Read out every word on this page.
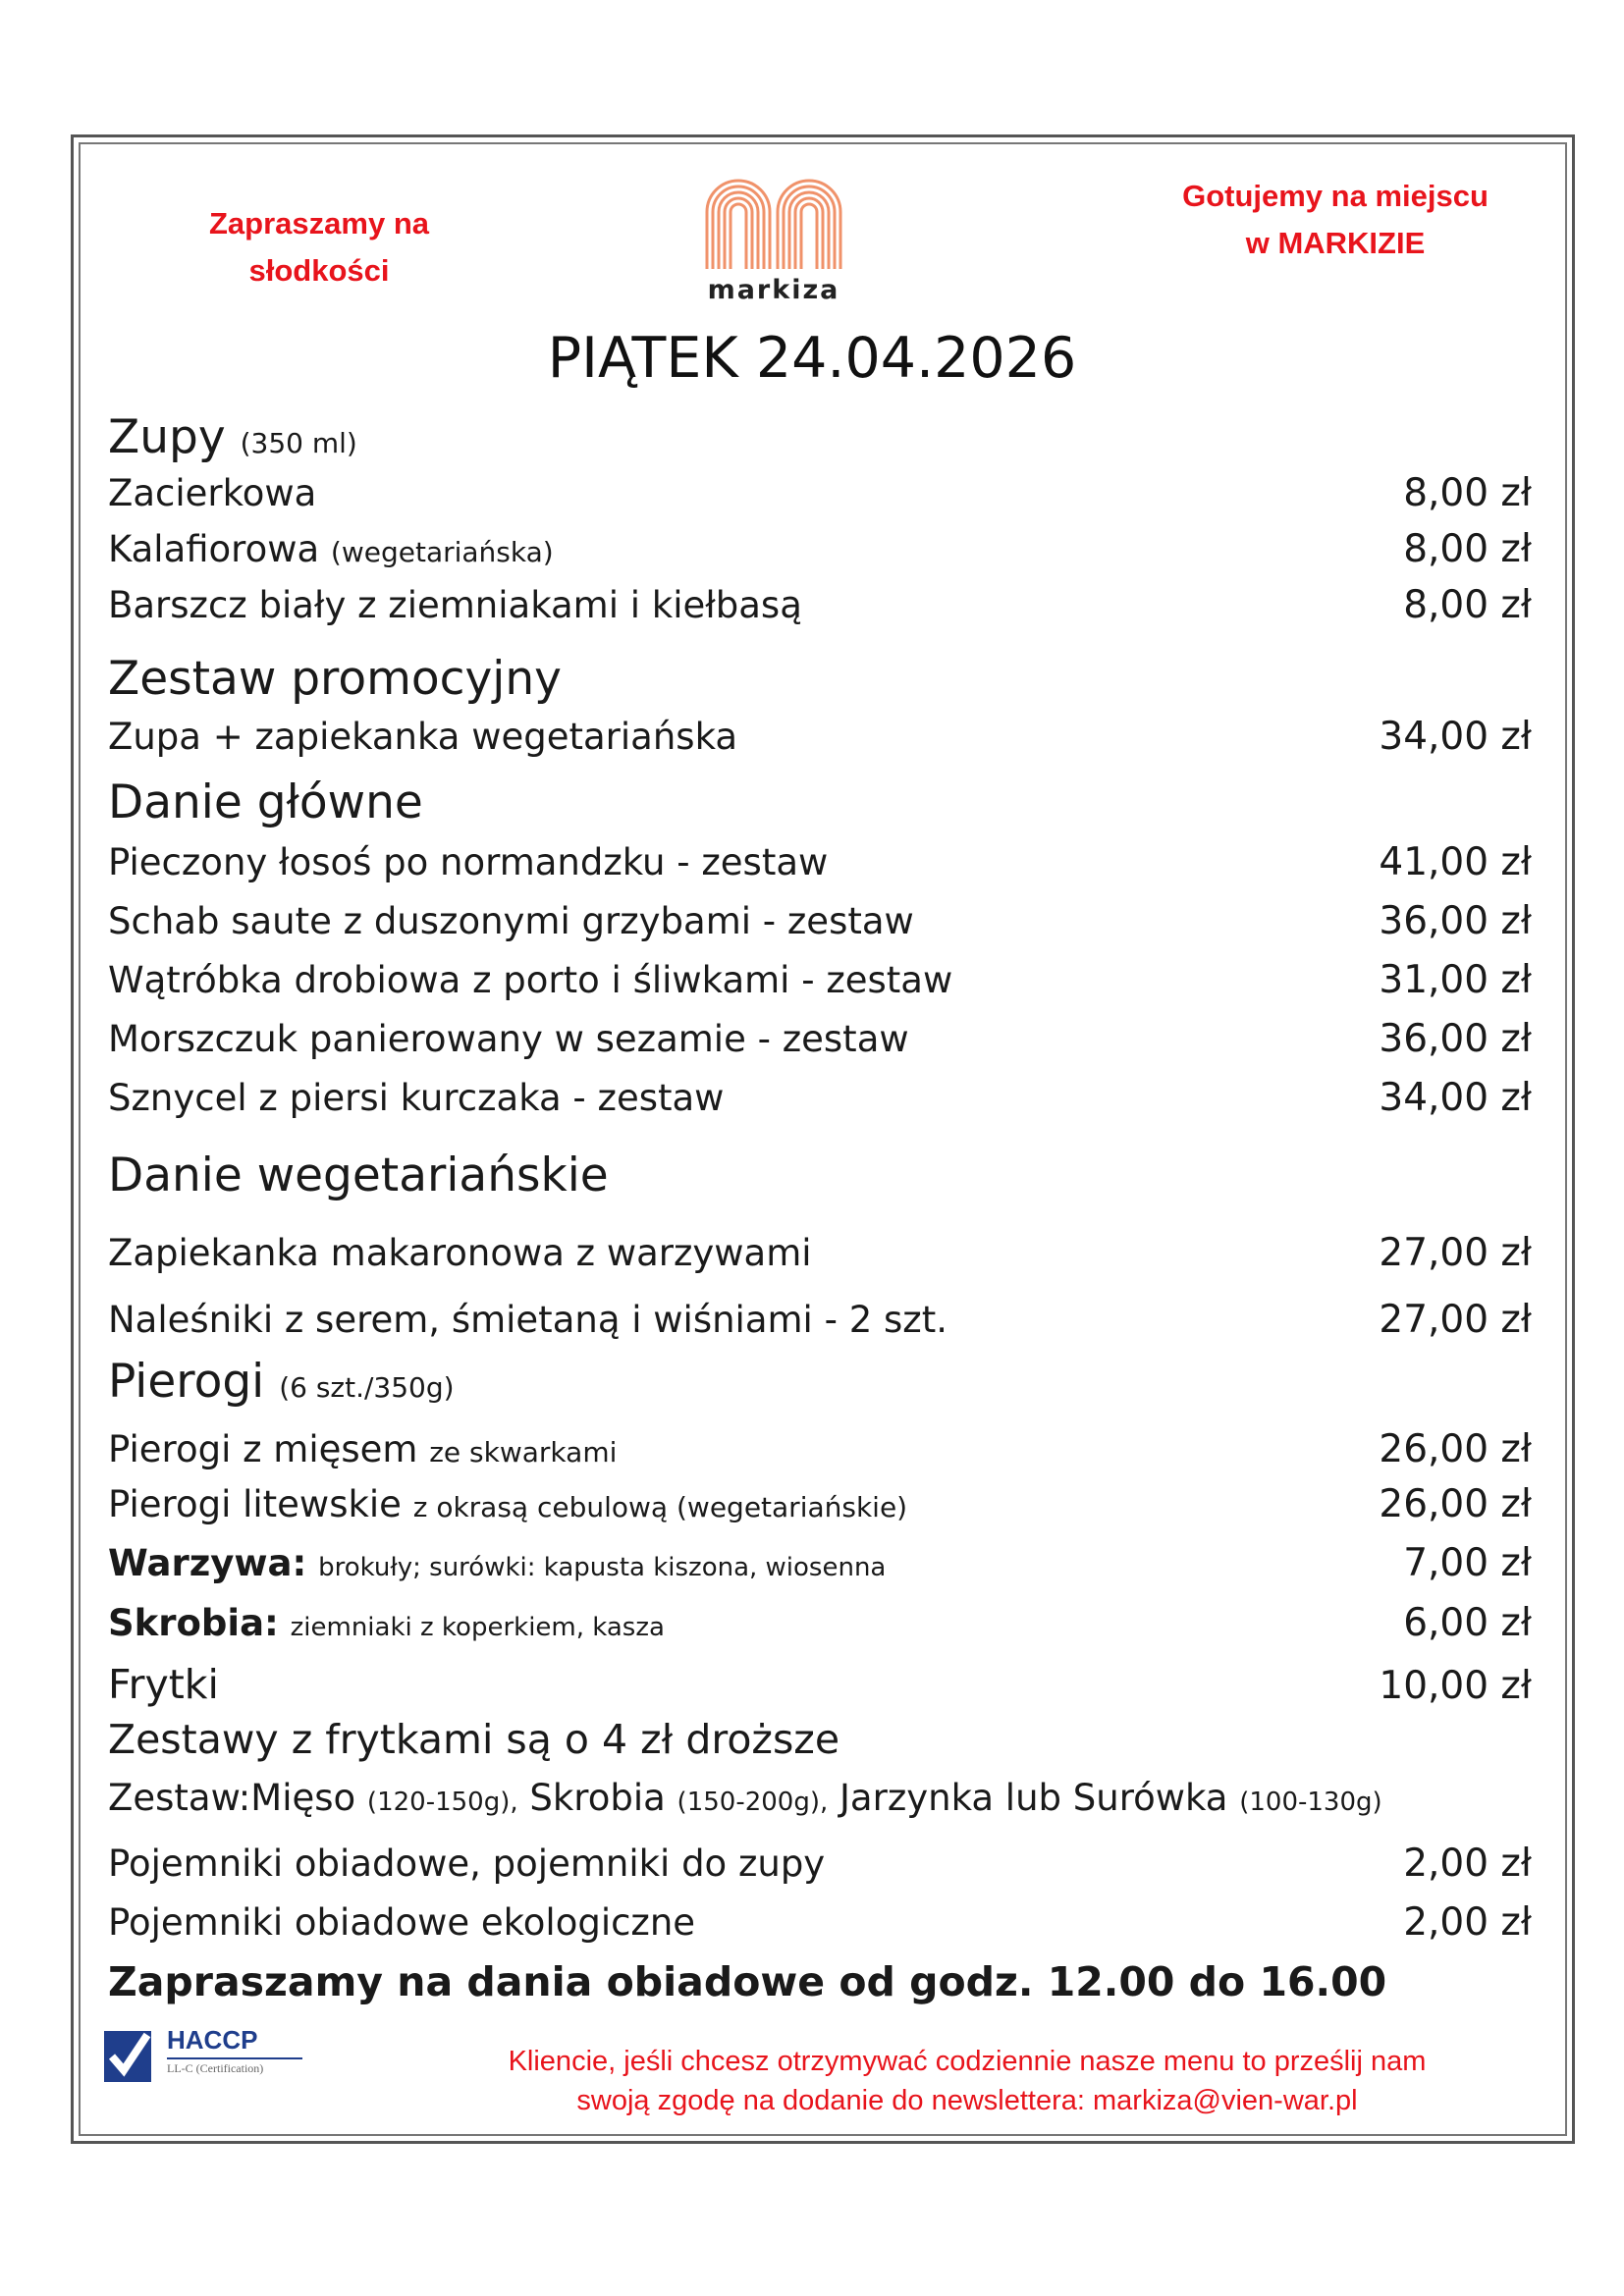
Zapraszamy na
słodkości
markiza
Gotujemy na miejscu
w MARKIZIE
PIĄTEK 24.04.2026
Zupy (350 ml)
Zacierkowa	8,00 zł
Kalafiorowa (wegetariańska)	8,00 zł
Barszcz biały z ziemniakami i kiełbasą	8,00 zł
Zestaw promocyjny
Zupa + zapiekanka wegetariańska	34,00 zł
Danie główne
Pieczony łosoś po normandzku - zestaw	41,00 zł
Schab saute z duszonymi grzybami - zestaw	36,00 zł
Wątróbka drobiowa z porto i śliwkami - zestaw	31,00 zł
Morszczuk panierowany w sezamie - zestaw	36,00 zł
Sznycel z piersi kurczaka - zestaw	34,00 zł
Danie wegetariańskie
Zapiekanka makaronowa z warzywami	27,00 zł
Naleśniki z serem, śmietaną i wiśniami - 2 szt.	27,00 zł
Pierogi (6 szt./350g)
Pierogi z mięsem ze skwarkami	26,00 zł
Pierogi litewskie z okrasą cebulową (wegetariańskie)	26,00 zł
Warzywa: brokuły; surówki: kapusta kiszona, wiosenna	7,00 zł
Skrobia: ziemniaki z koperkiem, kasza	6,00 zł
Frytki	10,00 zł
Zestawy z frytkami są o 4 zł droższe
Zestaw:Mięso (120-150g), Skrobia (150-200g), Jarzynka lub Surówka (100-130g)
Pojemniki obiadowe, pojemniki do zupy	2,00 zł
Pojemniki obiadowe ekologiczne	2,00 zł
Zapraszamy na dania obiadowe od godz. 12.00 do 16.00
HACCP
LL-C (Certification)	Kliencie, jeśli chcesz otrzymywać codziennie nasze menu to prześlij nam
swoją zgodę na dodanie do newslettera: markiza@vien-war.pl
